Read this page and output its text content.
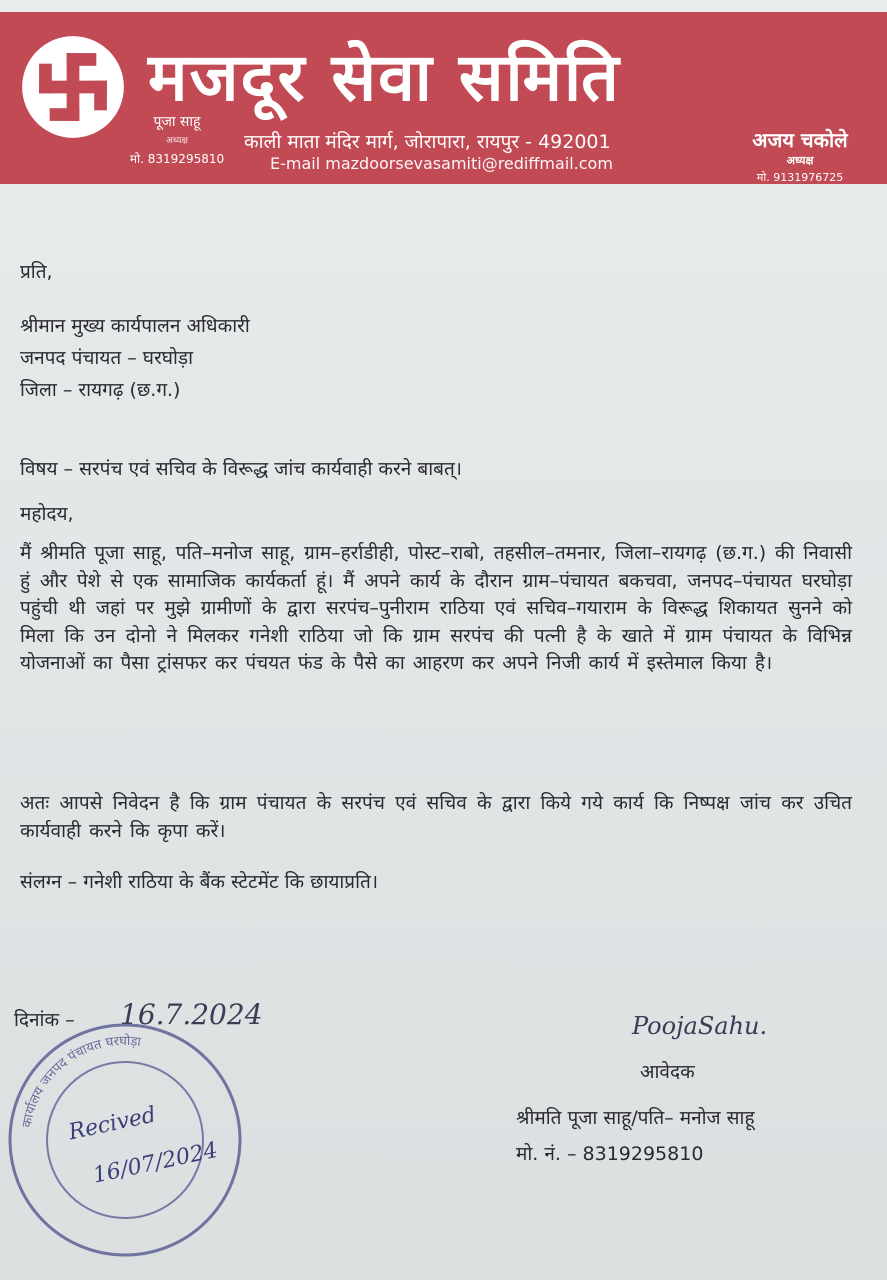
मजदूर सेवा समिति
पूजा साहू
अध्यक्ष
मो. 8319295810
काली माता मंदिर मार्ग, जोरापारा, रायपुर - 492001
E-mail mazdoorsevasamiti@rediffmail.com
अजय चकोले
अध्यक्ष
मो. 9131976725
प्रति,
श्रीमान मुख्य कार्यपालन अधिकारी
जनपद पंचायत – घरघोड़ा
जिला – रायगढ़ (छ.ग.)
विषय – सरपंच एवं सचिव के विरूद्ध जांच कार्यवाही करने बाबत्।
महोदय,
मैं श्रीमति पूजा साहू, पति–मनोज साहू, ग्राम–हर्राडीही, पोस्ट–राबो, तहसील–तमनार, जिला–रायगढ़ (छ.ग.) की निवासी हुं और पेशे से एक सामाजिक कार्यकर्ता हूं। मैं अपने कार्य के दौरान ग्राम–पंचायत बकचवा, जनपद–पंचायत घरघोड़ा पहुंची थी जहां पर मुझे ग्रामीणों के द्वारा सरपंच–पुनीराम राठिया एवं सचिव–गयाराम के विरूद्ध शिकायत सुनने को मिला कि उन दोनो ने मिलकर गनेशी राठिया जो कि ग्राम सरपंच की पत्नी है के खाते में ग्राम पंचायत के विभिन्न योजनाओं का पैसा ट्रांसफर कर पंचयत फंड के पैसे का आहरण कर अपने निजी कार्य में इस्तेमाल किया है।
अतः आपसे निवेदन है कि ग्राम पंचायत के सरपंच एवं सचिव के द्वारा किये गये कार्य कि निष्पक्ष जांच कर उचित कार्यवाही करने कि कृपा करें।
संलग्न – गनेशी राठिया के बैंक स्टेटमेंट कि छायाप्रति।
दिनांक – 16.7.2024	PoojaSahu.
आवेदक
श्रीमति पूजा साहू/पति– मनोज साहू
मो. नं. – 8319295810
कार्यालय जनपद पंचायत घरघोड़ा
Recived
16/07/2024
